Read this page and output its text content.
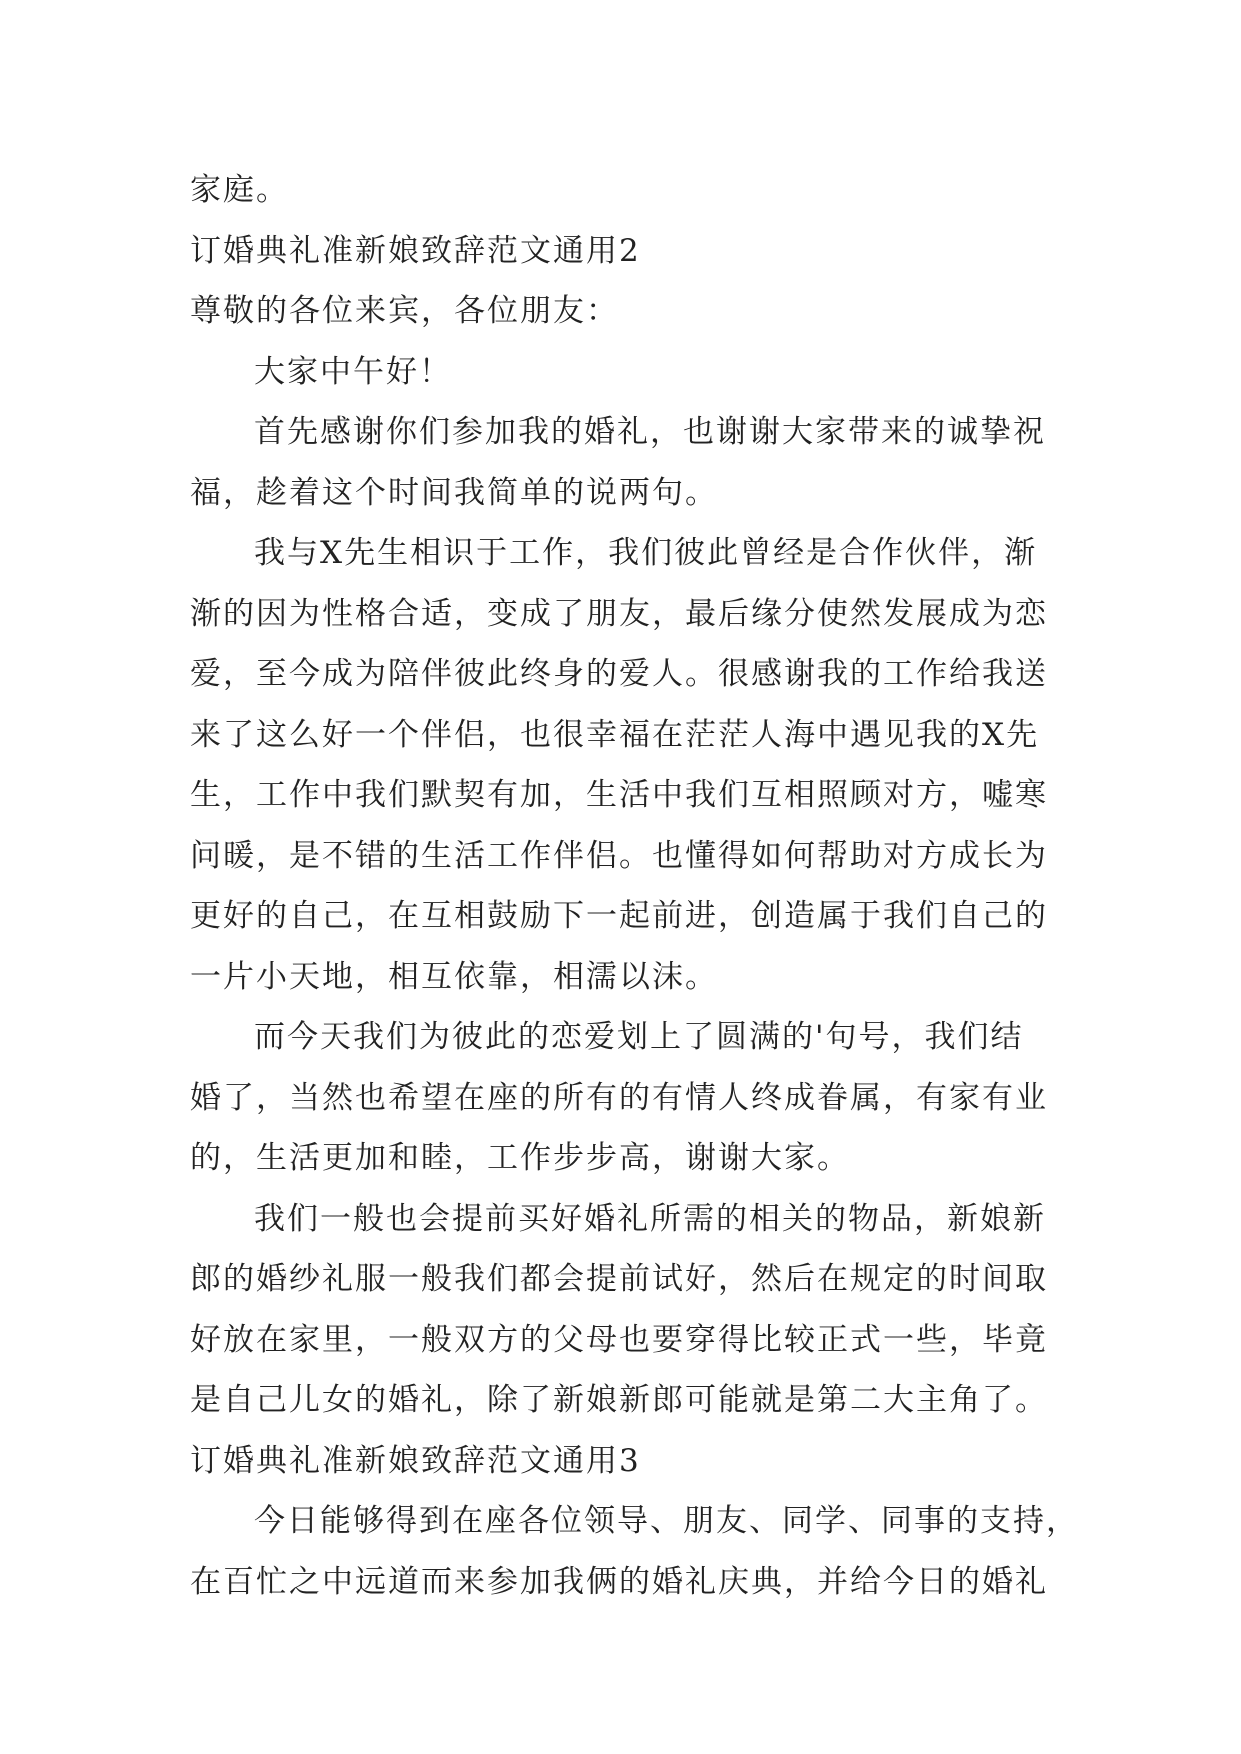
家庭。
订婚典礼准新娘致辞范文通用2
尊敬的各位来宾，各位朋友：
大家中午好！
首先感谢你们参加我的婚礼，也谢谢大家带来的诚挚祝
福，趁着这个时间我简单的说两句。
我与X先生相识于工作，我们彼此曾经是合作伙伴，渐
渐的因为性格合适，变成了朋友，最后缘分使然发展成为恋
爱，至今成为陪伴彼此终身的爱人。很感谢我的工作给我送
来了这么好一个伴侣，也很幸福在茫茫人海中遇见我的X先
生，工作中我们默契有加，生活中我们互相照顾对方，嘘寒
问暖，是不错的生活工作伴侣。也懂得如何帮助对方成长为
更好的自己，在互相鼓励下一起前进，创造属于我们自己的
一片小天地，相互依靠，相濡以沫。
而今天我们为彼此的恋爱划上了圆满的'句号，我们结
婚了，当然也希望在座的所有的有情人终成眷属，有家有业
的，生活更加和睦，工作步步高，谢谢大家。
我们一般也会提前买好婚礼所需的相关的物品，新娘新
郎的婚纱礼服一般我们都会提前试好，然后在规定的时间取
好放在家里，一般双方的父母也要穿得比较正式一些，毕竟
是自己儿女的婚礼，除了新娘新郎可能就是第二大主角了。
订婚典礼准新娘致辞范文通用3
今日能够得到在座各位领导、朋友、同学、同事的支持，
在百忙之中远道而来参加我俩的婚礼庆典，并给今日的婚礼
